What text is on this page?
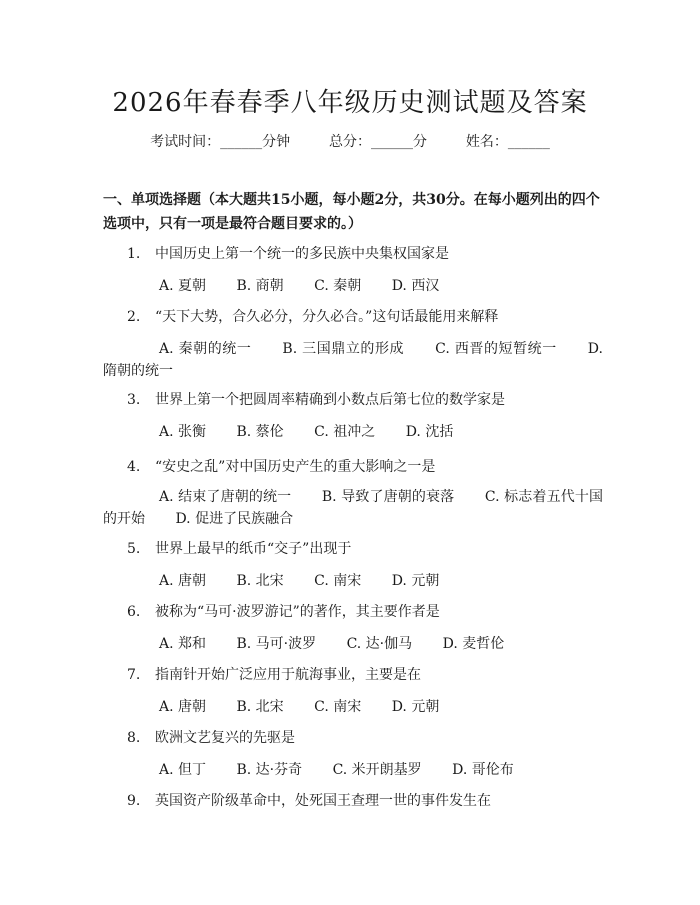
2026年春春季八年级历史测试题及答案
考试时间：______分钟	总分：______分	姓名：______
一、单项选择题（本大题共15小题，每小题2分，共30分。在每小题列出的四个选项中，只有一项是最符合题目要求的。）
1. 中国历史上第一个统一的多民族中央集权国家是
A. 夏朝 B. 商朝 C. 秦朝 D. 西汉
2. “天下大势，合久必分，分久必合。”这句话最能用来解释
A. 秦朝的统一 B. 三国鼎立的形成 C. 西晋的短暂统一 D. 隋朝的统一
3. 世界上第一个把圆周率精确到小数点后第七位的数学家是
A. 张衡 B. 蔡伦 C. 祖冲之 D. 沈括
4. “安史之乱”对中国历史产生的重大影响之一是
A. 结束了唐朝的统一 B. 导致了唐朝的衰落 C. 标志着五代十国的开始 D. 促进了民族融合
5. 世界上最早的纸币“交子”出现于
A. 唐朝 B. 北宋 C. 南宋 D. 元朝
6. 被称为“马可·波罗游记”的著作，其主要作者是
A. 郑和 B. 马可·波罗 C. 达·伽马 D. 麦哲伦
7. 指南针开始广泛应用于航海事业，主要是在
A. 唐朝 B. 北宋 C. 南宋 D. 元朝
8. 欧洲文艺复兴的先驱是
A. 但丁 B. 达·芬奇 C. 米开朗基罗 D. 哥伦布
9. 英国资产阶级革命中，处死国王查理一世的事件发生在
